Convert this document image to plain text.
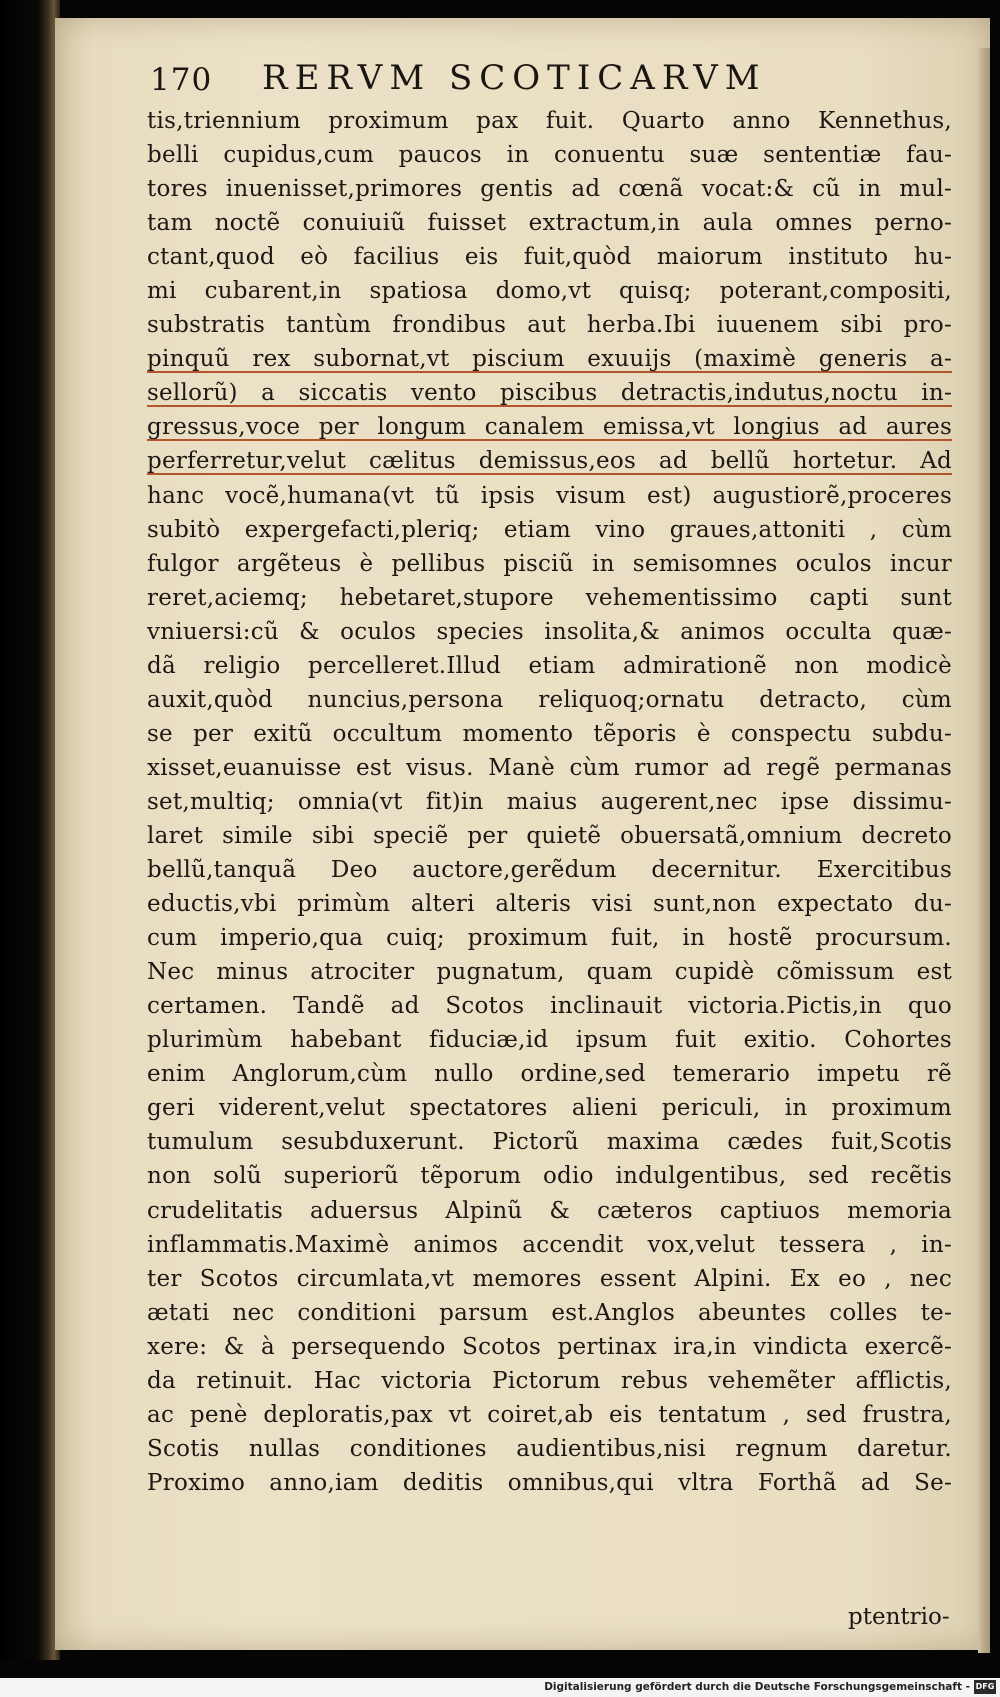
170 RERVM SCOTICARVM
tis,triennium proximum pax fuit. Quarto anno Kennethus,
belli cupidus,cum paucos in conuentu suæ sententiæ fau-
tores inuenisset,primores gentis ad cœnã vocat:& cũ in mul-
tam noctẽ conuiuiũ fuisset extractum,in aula omnes perno-
ctant,quod eò facilius eis fuit,quòd maiorum instituto hu-
mi cubarent,in spatiosa domo,vt quisq; poterant,compositi,
substratis tantùm frondibus aut herba.Ibi iuuenem sibi pro-
pinquũ rex subornat,vt piscium exuuijs (maximè generis a-
sellorũ) a siccatis vento piscibus detractis,indutus,noctu in-
gressus,voce per longum canalem emissa,vt longius ad aures
perferretur,velut cælitus demissus,eos ad bellũ hortetur. Ad
hanc vocẽ,humana(vt tũ ipsis visum est) augustiorẽ,proceres
subitò expergefacti,pleriq; etiam vino graues,attoniti , cùm
fulgor argẽteus è pellibus pisciũ in semisomnes oculos incur
reret,aciemq; hebetaret,stupore vehementissimo capti sunt
vniuersi:cũ & oculos species insolita,& animos occulta quæ-
dã religio percelleret.Illud etiam admirationẽ non modicè
auxit,quòd nuncius,persona reliquoq;ornatu detracto, cùm
se per exitũ occultum momento tẽporis è conspectu subdu-
xisset,euanuisse est visus. Manè cùm rumor ad regẽ permanas
set,multiq; omnia(vt fit)in maius augerent,nec ipse dissimu-
laret simile sibi speciẽ per quietẽ obuersatã,omnium decreto
bellũ,tanquã Deo auctore,gerẽdum decernitur. Exercitibus
eductis,vbi primùm alteri alteris visi sunt,non expectato du-
cum imperio,qua cuiq; proximum fuit, in hostẽ procursum.
Nec minus atrociter pugnatum, quam cupidè cõmissum est
certamen. Tandẽ ad Scotos inclinauit victoria.Pictis,in quo
plurimùm habebant fiduciæ,id ipsum fuit exitio. Cohortes
enim Anglorum,cùm nullo ordine,sed temerario impetu rẽ
geri viderent,velut spectatores alieni periculi, in proximum
tumulum sesubduxerunt. Pictorũ maxima cædes fuit,Scotis
non solũ superiorũ tẽporum odio indulgentibus, sed recẽtis
crudelitatis aduersus Alpinũ & cæteros captiuos memoria
inflammatis.Maximè animos accendit vox,velut tessera , in-
ter Scotos circumlata,vt memores essent Alpini. Ex eo , nec
ætati nec conditioni parsum est.Anglos abeuntes colles te-
xere: & à persequendo Scotos pertinax ira,in vindicta exercẽ-
da retinuit. Hac victoria Pictorum rebus vehemẽter afflictis,
ac penè deploratis,pax vt coiret,ab eis tentatum , sed frustra,
Scotis nullas conditiones audientibus,nisi regnum daretur.
Proximo anno,iam deditis omnibus,qui vltra Forthã ad Se-
ptentrio-
Digitalisierung gefördert durch die Deutsche Forschungsgemeinschaft - DFG
